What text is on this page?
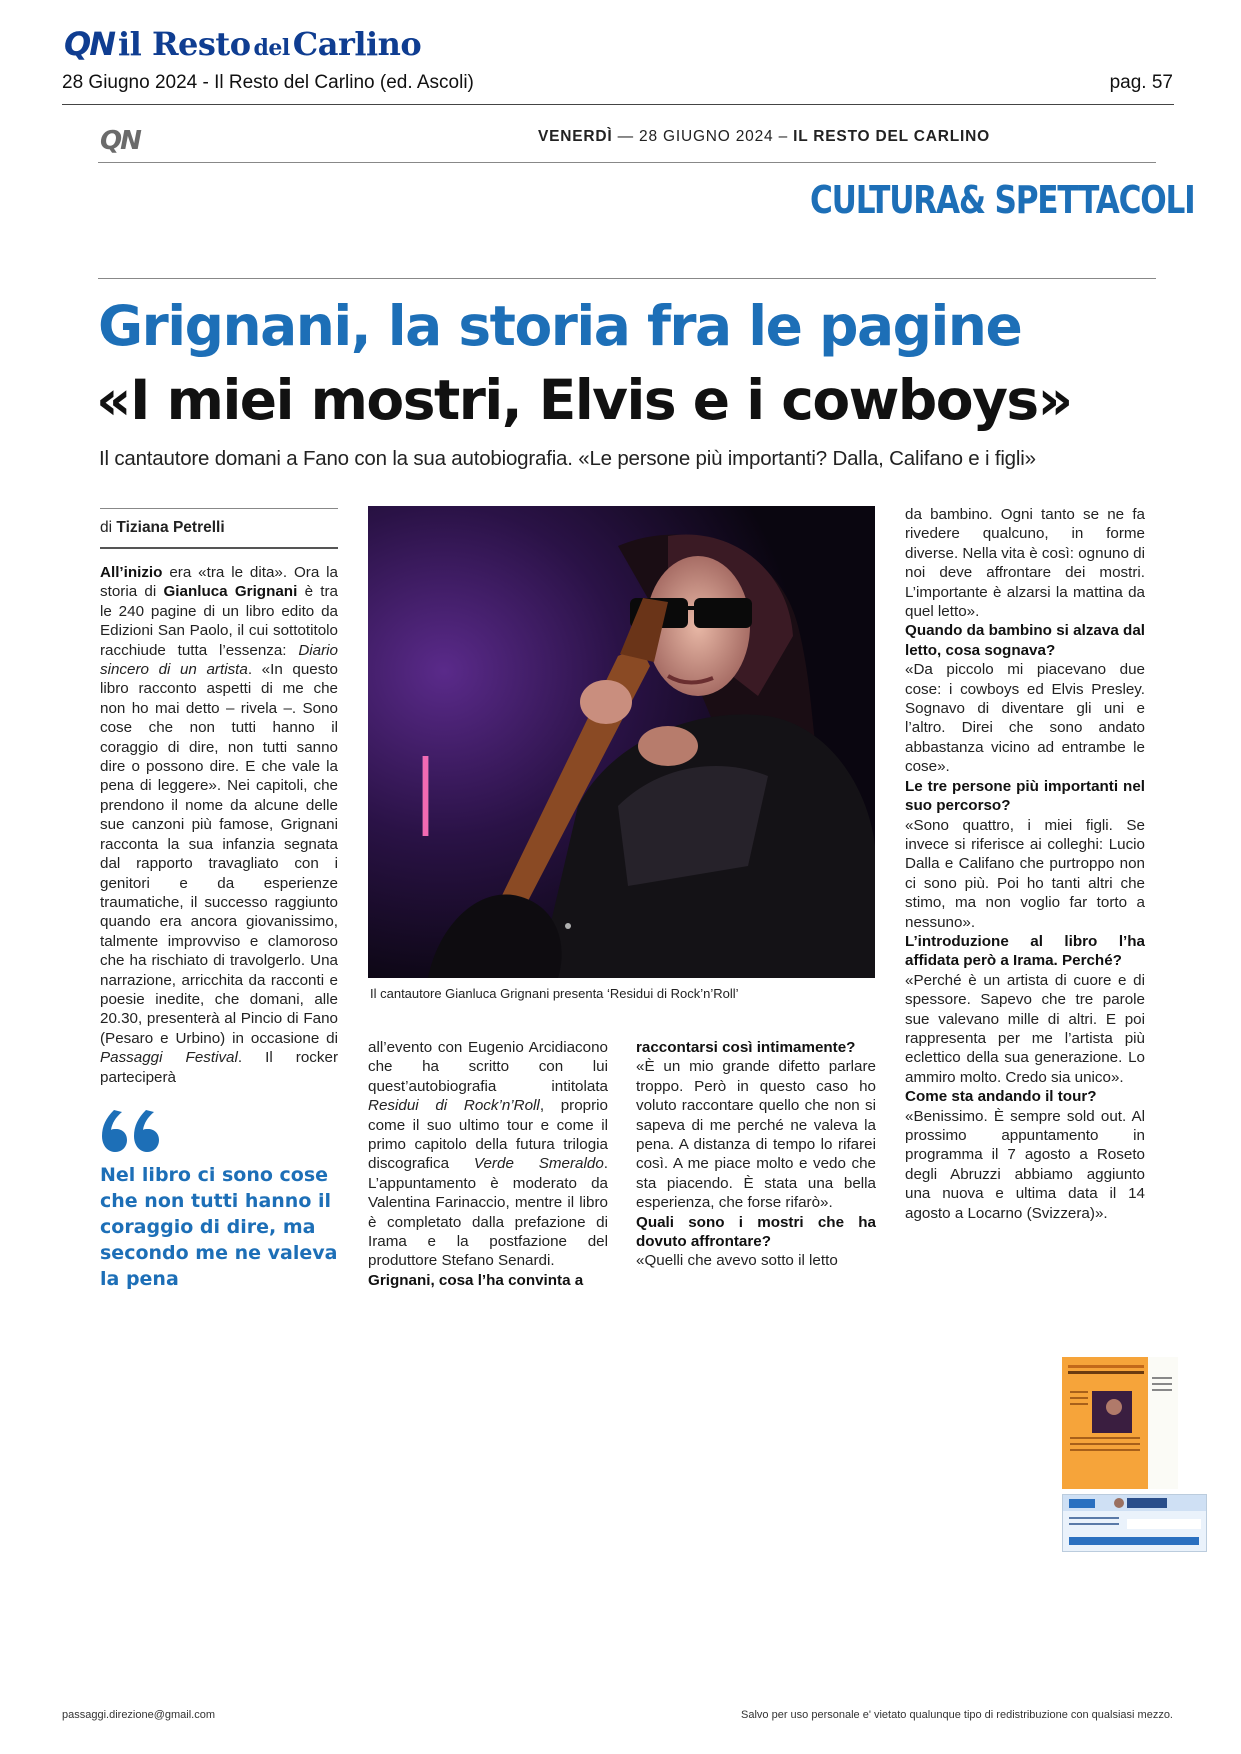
QN il Resto delCarlino
28 Giugno 2024 - Il Resto del Carlino (ed. Ascoli)	pag. 57
QN	VENERDÌ — 28 GIUGNO 2024 – IL RESTO DEL CARLINO
CULTURA& SPETTACOLI
Grignani, la storia fra le pagine
«I miei mostri, Elvis e i cowboys»
Il cantautore domani a Fano con la sua autobiografia. «Le persone più importanti? Dalla, Califano e i figli»
di Tiziana Petrelli

All’inizio era «tra le dita». Ora la storia di Gianluca Grignani è tra le 240 pagine di un libro edito da Edizioni San Paolo, il cui sottotitolo racchiude tutta l’essenza: Diario sincero di un artista. «In questo libro racconto aspetti di me che non ho mai detto – rivela –. Sono cose che non tutti hanno il coraggio di dire, non tutti sanno dire o possono dire. E che vale la pena di leggere». Nei capitoli, che prendono il nome da alcune delle sue canzoni più famose, Grignani racconta la sua infanzia segnata dal rapporto travagliato con i genitori e da esperienze traumatiche, il successo raggiunto quando era ancora giovanissimo, talmente improvviso e clamoroso che ha rischiato di travolgerlo. Una narrazione, arricchita da racconti e poesie inedite, che domani, alle 20.30, presenterà al Pincio di Fano (Pesaro e Urbino) in occasione di Passaggi Festival. Il rocker parteciperà

Nel libro ci sono cose che non tutti hanno il coraggio di dire, ma secondo me ne valeva la pena
Il cantautore Gianluca Grignani presenta ‘Residui di Rock’n’Roll’

all’evento con Eugenio Arcidiacono che ha scritto con lui quest’autobiografia intitolata Residui di Rock’n’Roll, proprio come il suo ultimo tour e come il primo capitolo della futura trilogia discografica Verde Smeraldo. L’appuntamento è moderato da Valentina Farinaccio, mentre il libro è completato dalla prefazione di Irama e la postfazione del produttore Stefano Senardi.

Grignani, cosa l’ha convinta a

raccontarsi così intimamente?

«È un mio grande difetto parlare troppo. Però in questo caso ho voluto raccontare quello che non si sapeva di me perché ne valeva la pena. A distanza di tempo lo rifarei così. A me piace molto e vedo che sta piacendo. È stata una bella esperienza, che forse rifarò».

Quali sono i mostri che ha dovuto affrontare?

«Quelli che avevo sotto il letto

da bambino. Ogni tanto se ne fa rivedere qualcuno, in forme diverse. Nella vita è così: ognuno di noi deve affrontare dei mostri. L’importante è alzarsi la mattina da quel letto».

Quando da bambino si alzava dal letto, cosa sognava?

«Da piccolo mi piacevano due cose: i cowboys ed Elvis Presley. Sognavo di diventare gli uni e l’altro. Direi che sono andato abbastanza vicino ad entrambe le cose».

Le tre persone più importanti nel suo percorso?

«Sono quattro, i miei figli. Se invece si riferisce ai colleghi: Lucio Dalla e Califano che purtroppo non ci sono più. Poi ho tanti altri che stimo, ma non voglio far torto a nessuno».

L’introduzione al libro l’ha affidata però a Irama. Perché?

«Perché è un artista di cuore e di spessore. Sapevo che tre parole sue valevano mille di altri. E poi rappresenta per me l’artista più eclettico della sua generazione. Lo ammiro molto. Credo sia unico».

Come sta andando il tour?

«Benissimo. È sempre sold out. Al prossimo appuntamento in programma il 7 agosto a Roseto degli Abruzzi abbiamo aggiunto una nuova e ultima data il 14 agosto a Locarno (Svizzera)».

passaggi.direzione@gmail.com	Salvo per uso personale e' vietato qualunque tipo di redistribuzione con qualsiasi mezzo.
